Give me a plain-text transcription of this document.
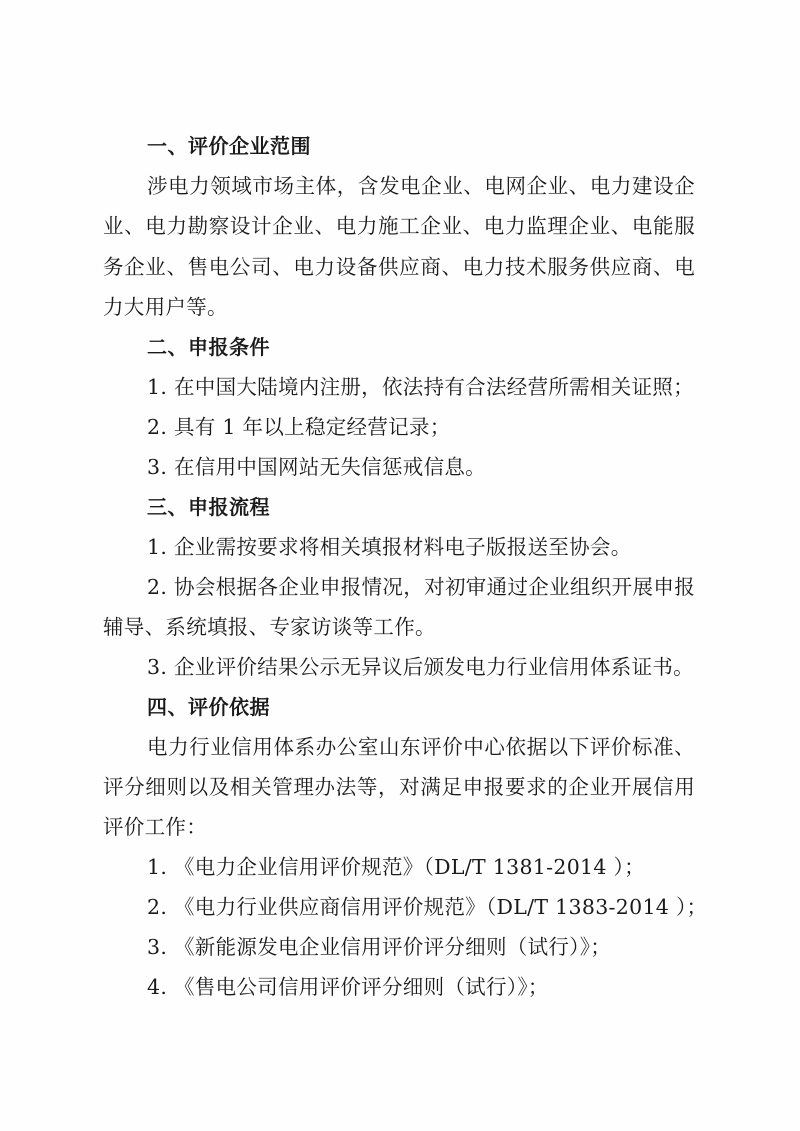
一、评价企业范围
涉电力领域市场主体，含发电企业、电网企业、电力建设企
业、电力勘察设计企业、电力施工企业、电力监理企业、电能服
务企业、售电公司、电力设备供应商、电力技术服务供应商、电
力大用户等。
二、申报条件
1. 在中国大陆境内注册，依法持有合法经营所需相关证照；
2. 具有 1 年以上稳定经营记录；
3. 在信用中国网站无失信惩戒信息。
三、申报流程
1. 企业需按要求将相关填报材料电子版报送至协会。
2. 协会根据各企业申报情况，对初审通过企业组织开展申报
辅导、系统填报、专家访谈等工作。
3. 企业评价结果公示无异议后颁发电力行业信用体系证书。
四、评价依据
电力行业信用体系办公室山东评价中心依据以下评价标准、
评分细则以及相关管理办法等，对满足申报要求的企业开展信用
评价工作：
1. 《电力企业信用评价规范》（DL/T 1381-2014 ）；
2. 《电力行业供应商信用评价规范》（DL/T 1383-2014 ）；
3. 《新能源发电企业信用评价评分细则（试行）》；
4. 《售电公司信用评价评分细则（试行）》；
